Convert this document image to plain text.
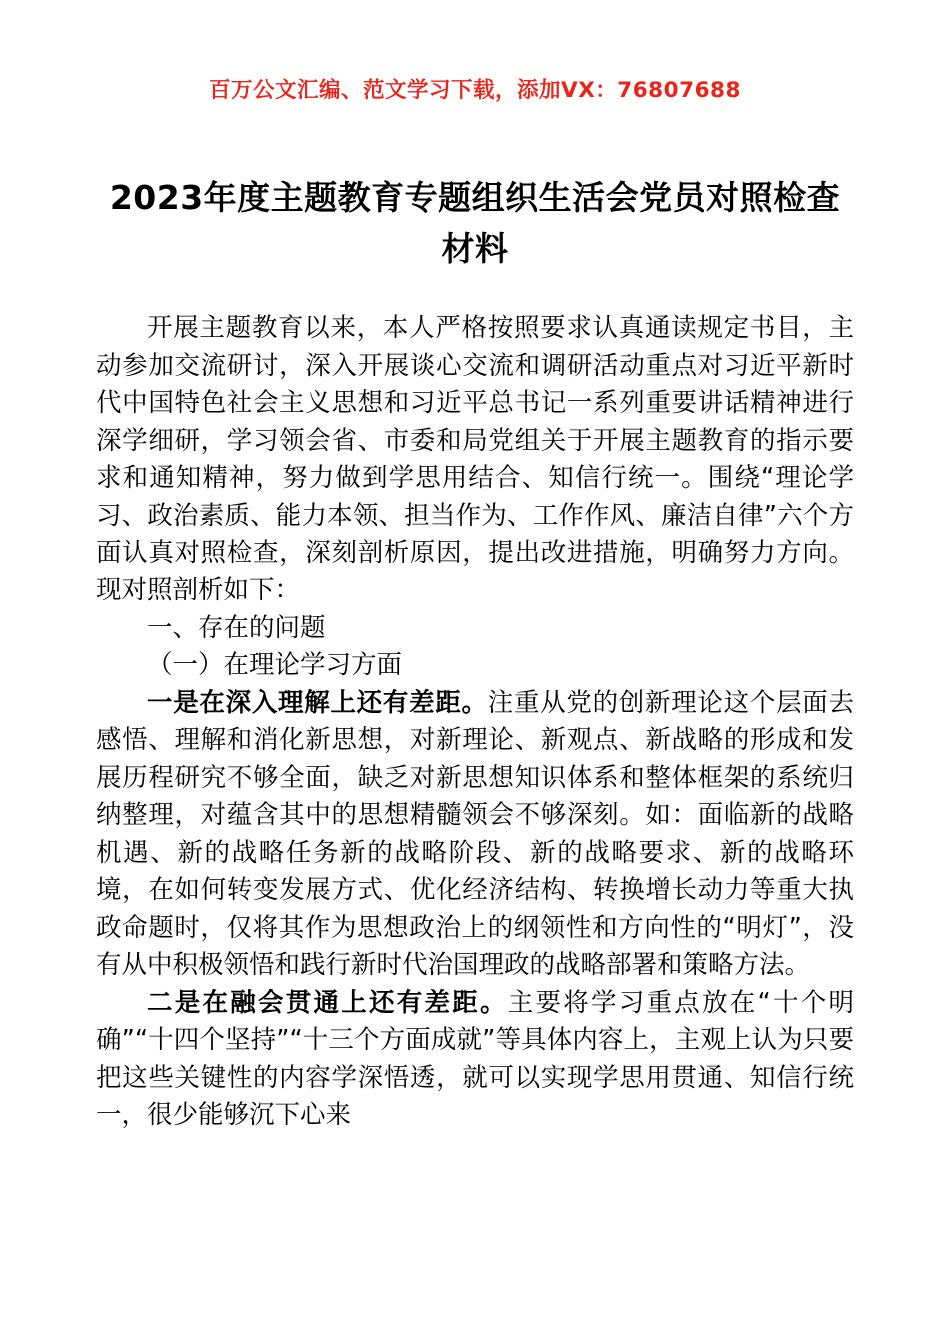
百万公文汇编、范文学习下载，添加VX：76807688
2023年度主题教育专题组织生活会党员对照检查材料

开展主题教育以来，本人严格按照要求认真通读规定书目，主动参加交流研讨，深入开展谈心交流和调研活动重点对习近平新时代中国特色社会主义思想和习近平总书记一系列重要讲话精神进行深学细研，学习领会省、市委和局党组关于开展主题教育的指示要求和通知精神，努力做到学思用结合、知信行统一。围绕“理论学习、政治素质、能力本领、担当作为、工作作风、廉洁自律”六个方面认真对照检查，深刻剖析原因，提出改进措施，明确努力方向。现对照剖析如下：

一、存在的问题

（一）在理论学习方面

一是在深入理解上还有差距。注重从党的创新理论这个层面去感悟、理解和消化新思想，对新理论、新观点、新战略的形成和发展历程研究不够全面，缺乏对新思想知识体系和整体框架的系统归纳整理，对蕴含其中的思想精髓领会不够深刻。如：面临新的战略机遇、新的战略任务新的战略阶段、新的战略要求、新的战略环境，在如何转变发展方式、优化经济结构、转换增长动力等重大执政命题时，仅将其作为思想政治上的纲领性和方向性的“明灯”，没有从中积极领悟和践行新时代治国理政的战略部署和策略方法。

二是在融会贯通上还有差距。主要将学习重点放在“十个明确”“十四个坚持”“十三个方面成就”等具体内容上，主观上认为只要把这些关键性的内容学深悟透，就可以实现学思用贯通、知信行统一，很少能够沉下心来
